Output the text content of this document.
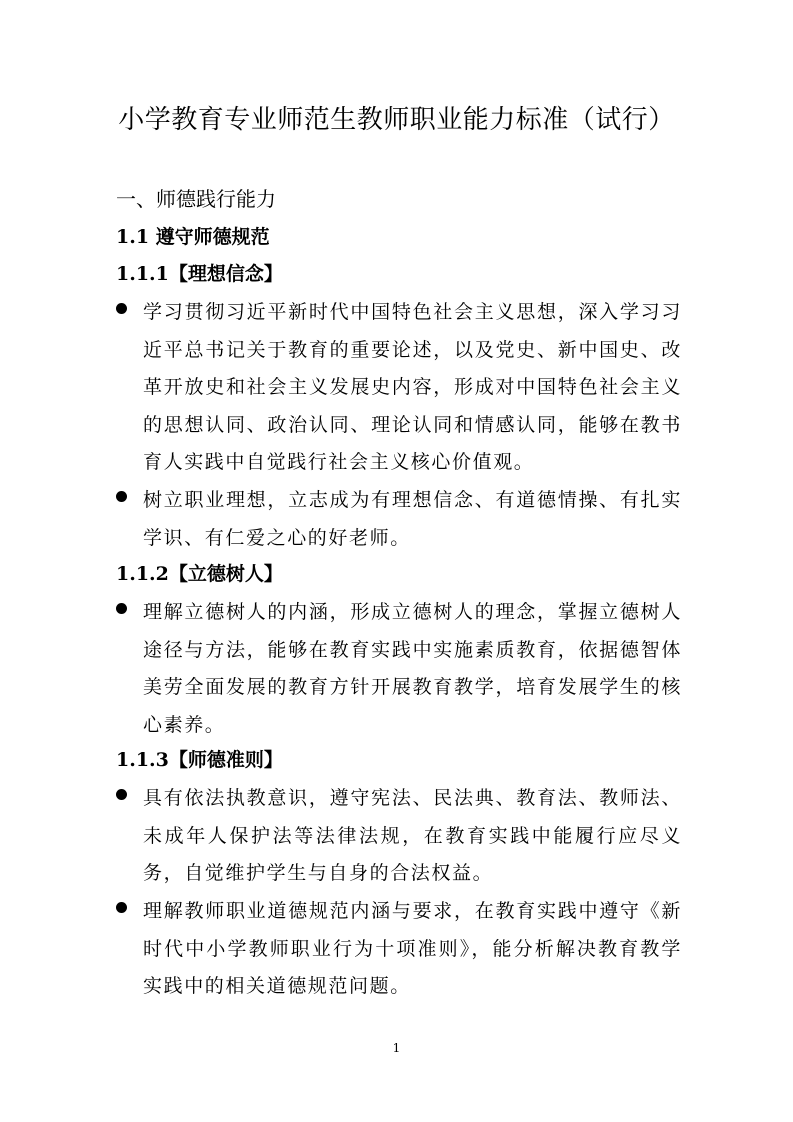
小学教育专业师范生教师职业能力标准（试行）
一、师德践行能力
1.1 遵守师德规范
1.1.1【理想信念】
学习贯彻习近平新时代中国特色社会主义思想，深入学习习近平总书记关于教育的重要论述，以及党史、新中国史、改革开放史和社会主义发展史内容，形成对中国特色社会主义的思想认同、政治认同、理论认同和情感认同，能够在教书育人实践中自觉践行社会主义核心价值观。
树立职业理想，立志成为有理想信念、有道德情操、有扎实学识、有仁爱之心的好老师。
1.1.2【立德树人】
理解立德树人的内涵，形成立德树人的理念，掌握立德树人途径与方法，能够在教育实践中实施素质教育，依据德智体美劳全面发展的教育方针开展教育教学，培育发展学生的核心素养。
1.1.3【师德准则】
具有依法执教意识，遵守宪法、民法典、教育法、教师法、未成年人保护法等法律法规，在教育实践中能履行应尽义务，自觉维护学生与自身的合法权益。
理解教师职业道德规范内涵与要求，在教育实践中遵守《新时代中小学教师职业行为十项准则》，能分析解决教育教学实践中的相关道德规范问题。
1
